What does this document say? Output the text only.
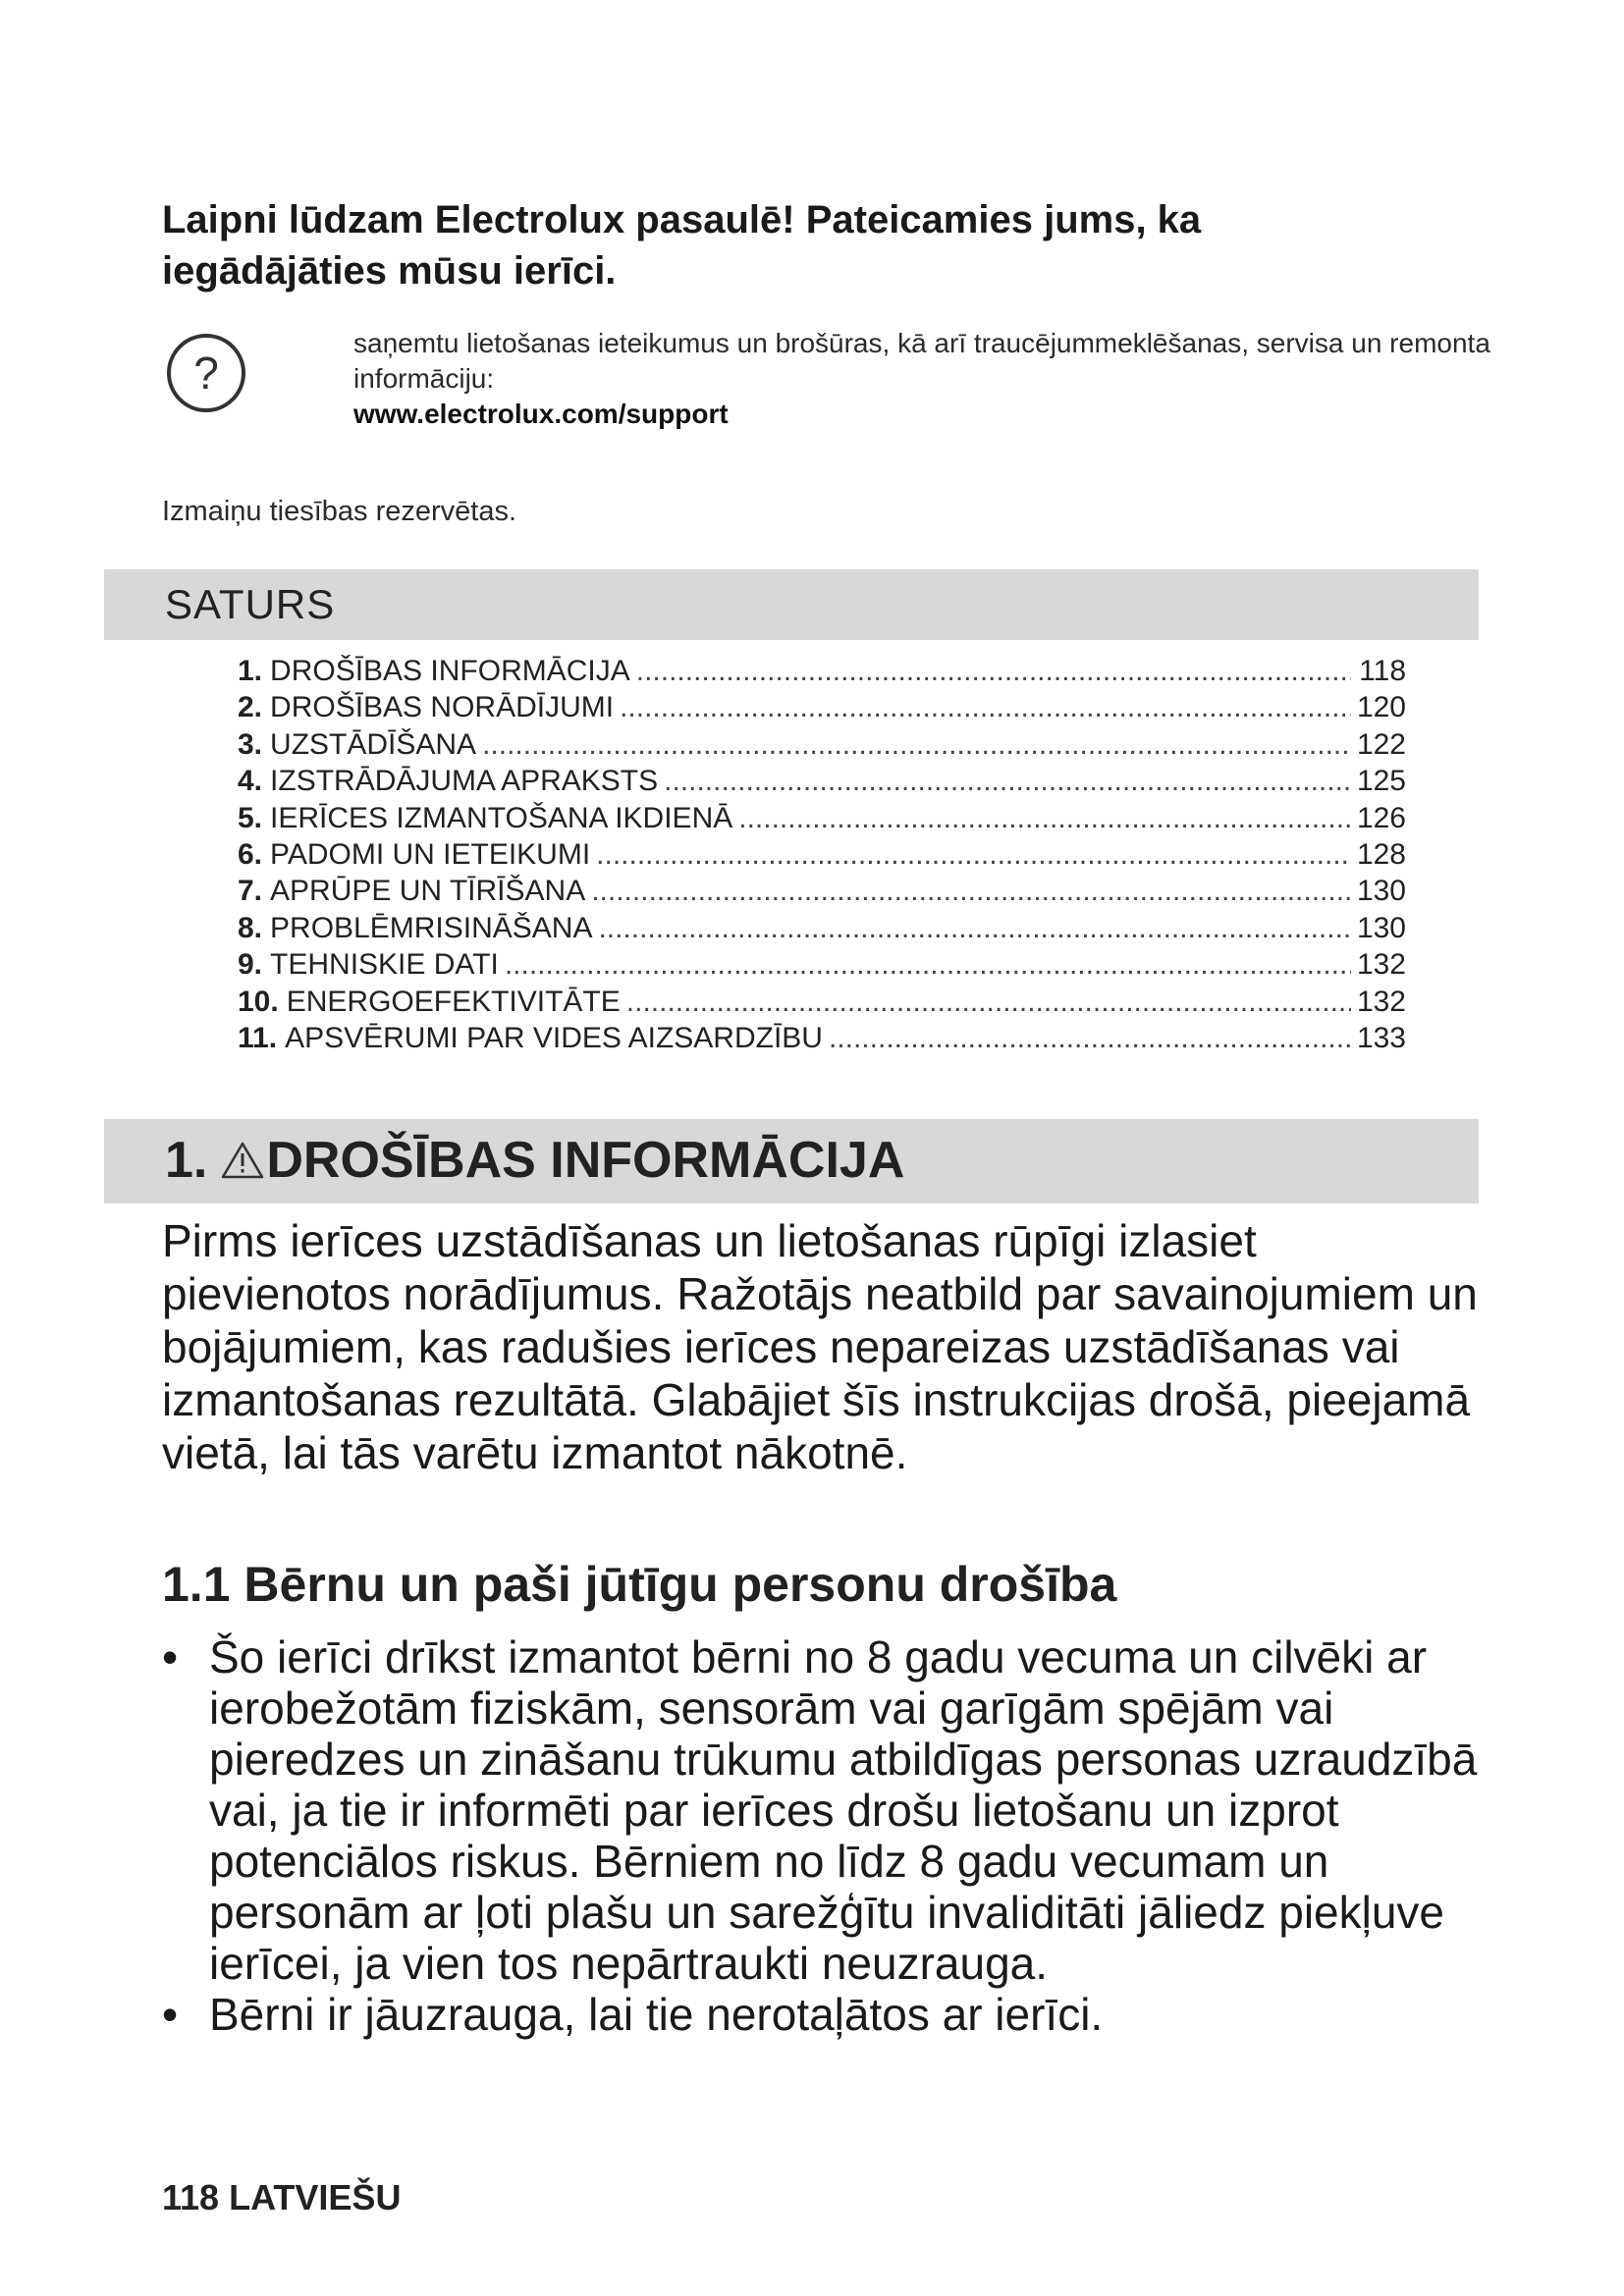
Laipni lūdzam Electrolux pasaulē! Pateicamies jums, ka iegādājāties mūsu ierīci.
?
saņemtu lietošanas ieteikumus un brošūras, kā arī traucējummeklēšanas, servisa un remonta informāciju:
www.electrolux.com/support
Izmaiņu tiesības rezervētas.
SATURS
1. DROŠĪBAS INFORMĀCIJA .....	118
2. DROŠĪBAS NORĀDĪJUMI .....	120
3. UZSTĀDĪŠANA .....	122
4. IZSTRĀDĀJUMA APRAKSTS .....	125
5. IERĪCES IZMANTOŠANA IKDIENĀ .....	126
6. PADOMI UN IETEIKUMI .....	128
7. APRŪPE UN TĪRĪŠANA .....	130
8. PROBLĒMRISINĀŠANA .....	130
9. TEHNISKIE DATI .....	132
10. ENERGOEFEKTIVITĀTE .....	132
11. APSVĒRUMI PAR VIDES AIZSARDZĪBU .....	133
1. DROŠĪBAS INFORMĀCIJA
Pirms ierīces uzstādīšanas un lietošanas rūpīgi izlasiet pievienotos norādījumus. Ražotājs neatbild par savainojumiem un bojājumiem, kas radušies ierīces nepareizas uzstādīšanas vai izmantošanas rezultātā. Glabājiet šīs instrukcijas drošā, pieejamā vietā, lai tās varētu izmantot nākotnē.
1.1 Bērnu un paši jūtīgu personu drošība
• Šo ierīci drīkst izmantot bērni no 8 gadu vecuma un cilvēki ar ierobežotām fiziskām, sensorām vai garīgām spējām vai pieredzes un zināšanu trūkumu atbildīgas personas uzraudzībā vai, ja tie ir informēti par ierīces drošu lietošanu un izprot potenciālos riskus. Bērniem no līdz 8 gadu vecumam un personām ar ļoti plašu un sarežģītu invaliditāti jāliedz piekļuve ierīcei, ja vien tos nepārtraukti neuzrauga.
• Bērni ir jāuzrauga, lai tie nerotaļātos ar ierīci.
118 LATVIEŠU
